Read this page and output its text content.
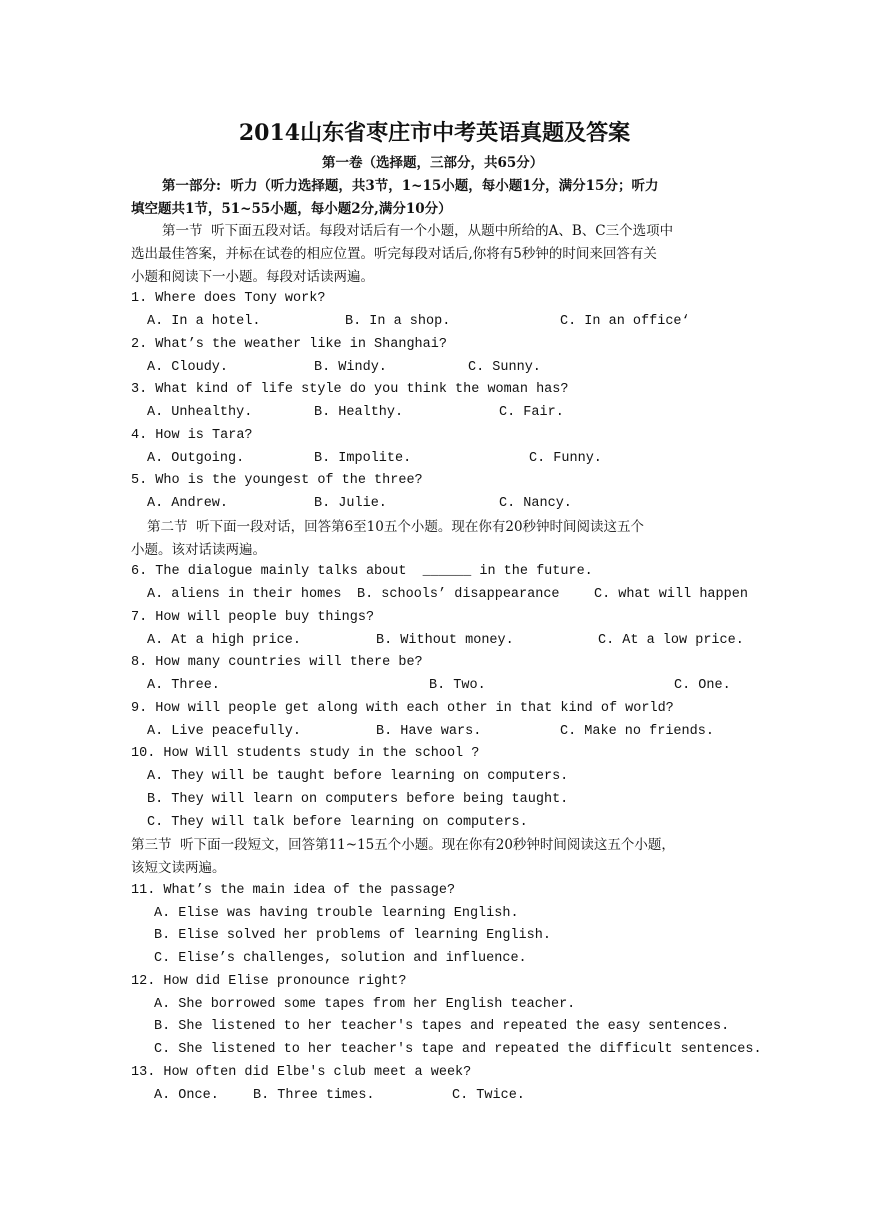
2014山东省枣庄市中考英语真题及答案
第一卷（选择题，三部分，共65分）
第一部分:  听力（听力选择题，共3节，1~15小题，每小题1分，满分15分；听力
填空题共1节，51~55小题，每小题2分,满分10分）
第一节  听下面五段对话。每段对话后有一个小题，从题中所给的A、B、C三个选项中
选出最佳答案，并标在试卷的相应位置。听完每段对话后,你将有5秒钟的时间来回答有关
小题和阅读下一小题。每段对话读两遍。
1. Where does Tony work?
A. In a hotel.	B. In a shop.	C. In an office‘
2. What’s the weather like in Shanghai?
A. Cloudy.	B. Windy.	C. Sunny.
3. What kind of life style do you think the woman has?
A. Unhealthy.	B. Healthy.	C. Fair.
4. How is Tara?
A. Outgoing.	B. Impolite.	C. Funny.
5. Who is the youngest of the three?
A. Andrew.	B. Julie.	C. Nancy.
第二节  听下面一段对话，回答第6至10五个小题。现在你有20秒钟时间阅读这五个
小题。该对话读两遍。
6. The dialogue mainly talks about  ______ in the future.
A. aliens in their homes B. schools’ disappearance	C. what will happen
7. How will people buy things?
A. At a high price.	B. Without money.	C. At a low price.
8. How many countries will there be?
A. Three.	B. Two.	C. One.
9. How will people get along with each other in that kind of world?
A. Live peacefully.	B. Have wars.	C. Make no friends.
10. How Will students study in the school ?
A. They will be taught before learning on computers.
B. They will learn on computers before being taught.
C. They will talk before learning on computers.
第三节  听下面一段短文，回答第11~15五个小题。现在你有20秒钟时间阅读这五个小题，
该短文读两遍。
11. What’s the main idea of the passage?
A. Elise was having trouble learning English.
B. Elise solved her problems of learning English.
C. Elise’s challenges, solution and influence.
12. How did Elise pronounce right?
A. She borrowed some tapes from her English teacher.
B. She listened to her teacher's tapes and repeated the easy sentences.
C. She listened to her teacher's tape and repeated the difficult sentences.
13. How often did Elbe's club meet a week?
A. Once.	B. Three times.	C. Twice.
